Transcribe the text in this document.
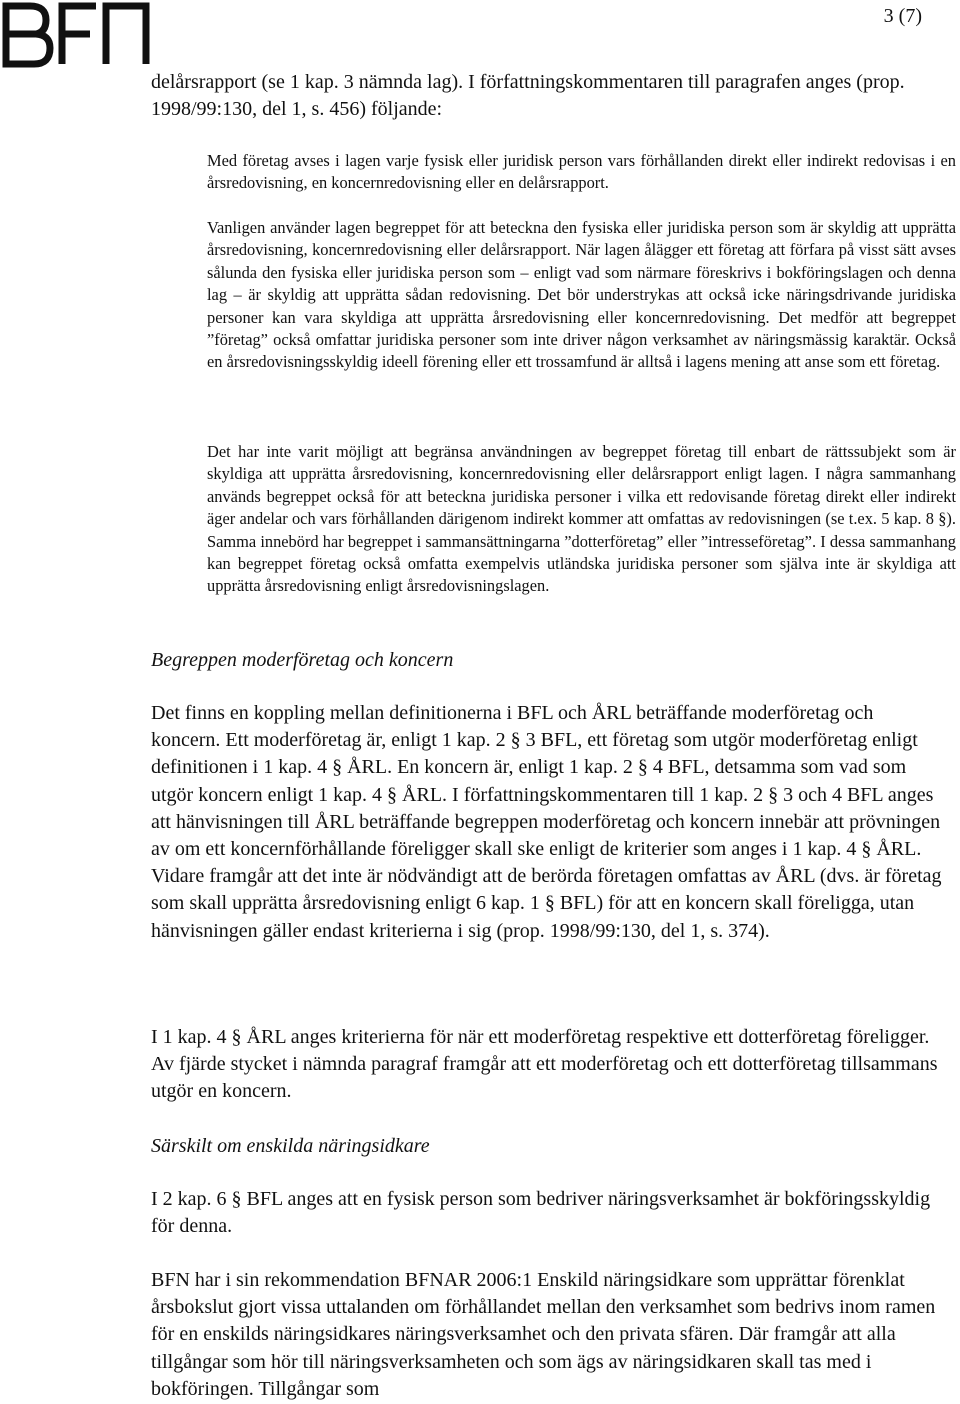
3 (7)

delårsrapport (se 1 kap. 3 nämnda lag). I författningskommentaren till paragrafen anges (prop. 1998/99:130, del 1, s. 456) följande:

Med företag avses i lagen varje fysisk eller juridisk person vars förhållanden direkt eller indirekt redovisas i en årsredovisning, en koncernredovisning eller en delårsrapport.

Vanligen använder lagen begreppet för att beteckna den fysiska eller juridiska person som är skyldig att upprätta årsredovisning, koncernredovisning eller delårsrapport. När lagen ålägger ett företag att förfara på visst sätt avses sålunda den fysiska eller juridiska person som – enligt vad som närmare föreskrivs i bokföringslagen och denna lag – är skyldig att upprätta sådan redovisning. Det bör understrykas att också icke näringsdrivande juridiska personer kan vara skyldiga att upprätta årsredovisning eller koncernredovisning. Det medför att begreppet ”företag” också omfattar juridiska personer som inte driver någon verksamhet av näringsmässig karaktär. Också en årsredovisningsskyldig ideell förening eller ett trossamfund är alltså i lagens mening att anse som ett företag.

Det har inte varit möjligt att begränsa användningen av begreppet företag till enbart de rättssubjekt som är skyldiga att upprätta årsredovisning, koncernredovisning eller delårsrapport enligt lagen. I några sammanhang används begreppet också för att beteckna juridiska personer i vilka ett redovisande företag direkt eller indirekt äger andelar och vars förhållanden därigenom indirekt kommer att omfattas av redovisningen (se t.ex. 5 kap. 8 §). Samma innebörd har begreppet i sammansättningarna ”dotterföretag” eller ”intresseföretag”. I dessa sammanhang kan begreppet företag också omfatta exempelvis utländska juridiska personer som själva inte är skyldiga att upprätta årsredovisning enligt årsredovisningslagen.

Begreppen moderföretag och koncern

Det finns en koppling mellan definitionerna i BFL och ÅRL beträffande moderföretag och koncern. Ett moderföretag är, enligt 1 kap. 2 § 3 BFL, ett företag som utgör moderföretag enligt definitionen i 1 kap. 4 § ÅRL. En koncern är, enligt 1 kap. 2 § 4 BFL, detsamma som vad som utgör koncern enligt 1 kap. 4 § ÅRL. I författningskommentaren till 1 kap. 2 § 3 och 4 BFL anges att hänvisningen till ÅRL beträffande begreppen moderföretag och koncern innebär att prövningen av om ett koncernförhållande föreligger skall ske enligt de kriterier som anges i 1 kap. 4 § ÅRL. Vidare framgår att det inte är nödvändigt att de berörda företagen omfattas av ÅRL (dvs. är företag som skall upprätta årsredovisning enligt 6 kap. 1 § BFL) för att en koncern skall föreligga, utan hänvisningen gäller endast kriterierna i sig (prop. 1998/99:130, del 1, s. 374).

I 1 kap. 4 § ÅRL anges kriterierna för när ett moderföretag respektive ett dotterföretag föreligger. Av fjärde stycket i nämnda paragraf framgår att ett moderföretag och ett dotterföretag tillsammans utgör en koncern.

Särskilt om enskilda näringsidkare

I 2 kap. 6 § BFL anges att en fysisk person som bedriver näringsverksamhet är bokföringsskyldig för denna.

BFN har i sin rekommendation BFNAR 2006:1 Enskild näringsidkare som upprättar förenklat årsbokslut gjort vissa uttalanden om förhållandet mellan den verksamhet som bedrivs inom ramen för en enskilds näringsidkares näringsverksamhet och den privata sfären. Där framgår att alla tillgångar som hör till näringsverksamheten och som ägs av näringsidkaren skall tas med i bokföringen. Tillgångar som
